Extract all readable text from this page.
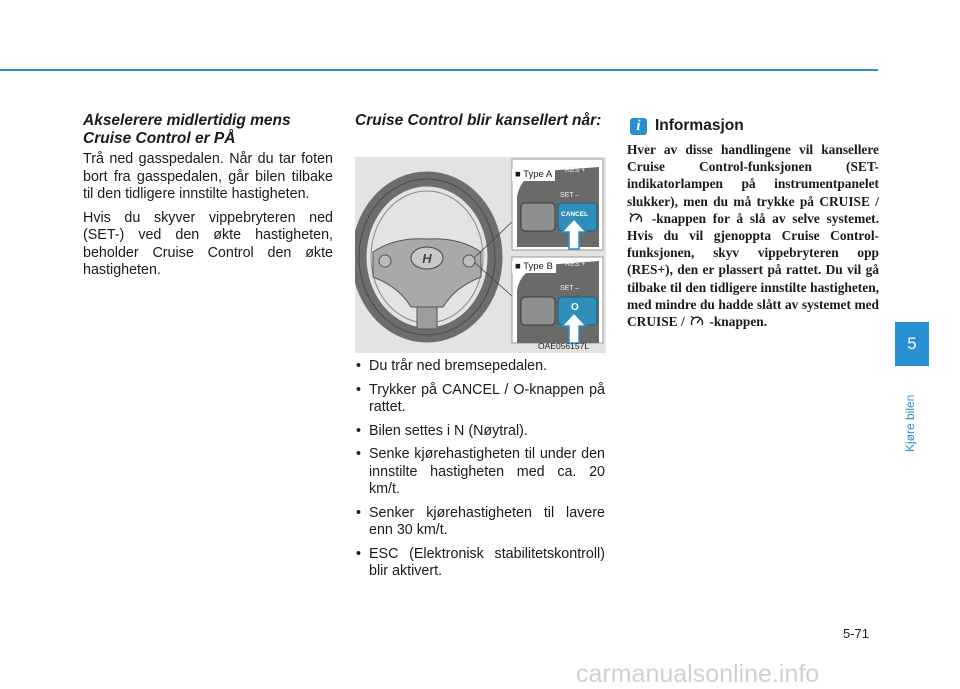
Akselerere midlertidig mens Cruise Control er PÅ

Trå ned gasspedalen. Når du tar foten bort fra gasspedalen, går bilen tilbake til den tidligere innstilte hastigheten.

Hvis du skyver vippebryteren ned (SET-) ved den økte hastigheten, beholder Cruise Control den økte hastigheten.

Cruise Control blir kansellert når:
H
■ Type A
■ Type B
RES +
SET –
CANCEL
RES +
SET –
O
OAE056157L
• Du trår ned bremsepedalen.
• Trykker på CANCEL / O-knappen på rattet.
• Bilen settes i N (Nøytral).
• Senke kjørehastigheten til under den innstilte hastigheten med ca. 20 km/t.
• Senker kjørehastigheten til lavere enn 30 km/t.
• ESC (Elektronisk stabilitetskontroll) blir aktivert.
i Informasjon
Hver av disse handlingene vil kansellere Cruise Control-funksjonen (SET-indikatorlampen på instrumentpanelet slukker), men du må trykke på CRUISE /  -knappen for å slå av selve systemet. Hvis du vil gjenoppta Cruise Control-funksjonen, skyv vippebryteren opp (RES+), den er plassert på rattet. Du vil gå tilbake til den tidligere innstilte hastigheten, med mindre du hadde slått av systemet med CRUISE / -knappen.
5
Kjøre bilen
5-71
carmanualsonline.info
